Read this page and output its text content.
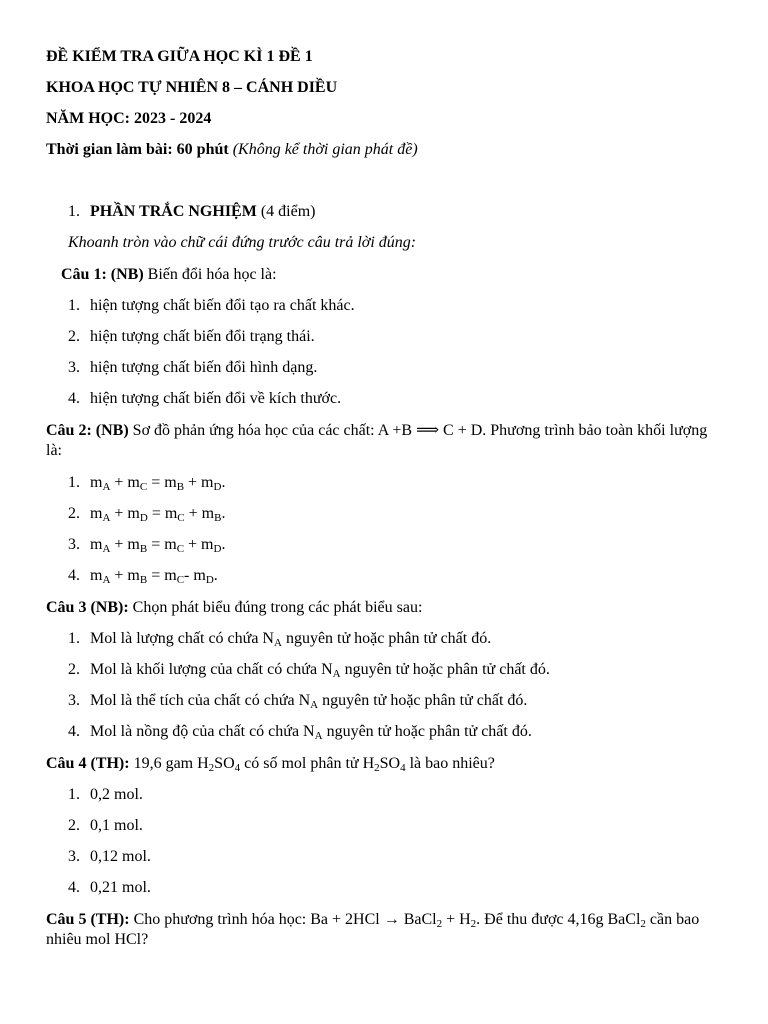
ĐỀ KIỂM TRA GIỮA HỌC KÌ 1 ĐỀ 1
KHOA HỌC TỰ NHIÊN 8 – CÁNH DIỀU
NĂM HỌC: 2023 - 2024
Thời gian làm bài: 60 phút (Không kể thời gian phát đề)
1. PHẦN TRẮC NGHIỆM (4 điểm)
Khoanh tròn vào chữ cái đứng trước câu trả lời đúng:
Câu 1: (NB) Biến đổi hóa học là:
1. hiện tượng chất biến đổi tạo ra chất khác.
2. hiện tượng chất biến đổi trạng thái.
3. hiện tượng chất biến đổi hình dạng.
4. hiện tượng chất biến đổi về kích thước.
Câu 2: (NB) Sơ đồ phản ứng hóa học của các chất: A +B ⟹ C + D. Phương trình bảo toàn khối lượng là:
1. $m_A + m_C = m_B + m_D$.
2. $m_A + m_D = m_C + m_B$.
3. $m_A + m_B = m_C + m_D$.
4. $m_A + m_B = m_C-$ $m_D$.
Câu 3 (NB): Chọn phát biểu đúng trong các phát biểu sau:
1. Mol là lượng chất có chứa $N_A$ nguyên tử hoặc phân tử chất đó.
2. Mol là khối lượng của chất có chứa $N_A$ nguyên tử hoặc phân tử chất đó.
3. Mol là thể tích của chất có chứa $N_A$ nguyên tử hoặc phân tử chất đó.
4. Mol là nồng độ của chất có chứa $N_A$ nguyên tử hoặc phân tử chất đó.
Câu 4 (TH): 19,6 gam $H_2SO_4$ có số mol phân tử $H_2SO_4$ là bao nhiêu?
1. 0,2 mol.
2. 0,1 mol.
3. 0,12 mol.
4. 0,21 mol.
Câu 5 (TH): Cho phương trình hóa học: Ba + 2HCl → BaCl$_2$ + $H_2$. Để thu được 4,16g BaCl$_2$ cần bao nhiêu mol HCl?
